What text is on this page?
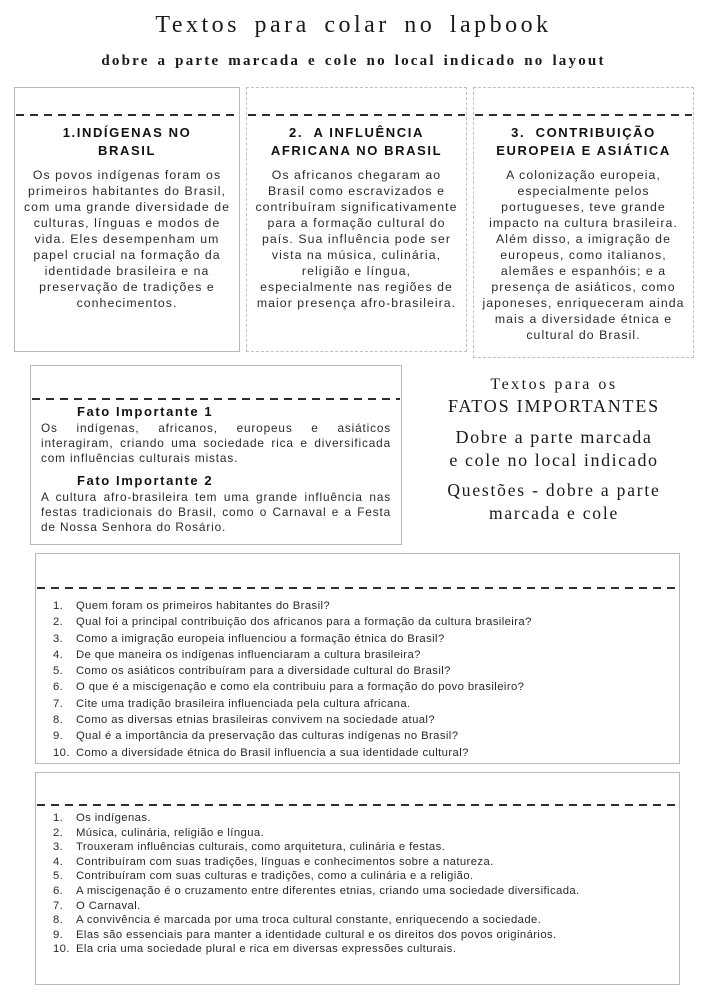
Textos para colar no lapbook
dobre a parte marcada e cole no local indicado no layout
1.INDÍGENAS NO BRASIL
Os povos indígenas foram os primeiros habitantes do Brasil, com uma grande diversidade de culturas, línguas e modos de vida. Eles desempenham um papel crucial na formação da identidade brasileira e na preservação de tradições e conhecimentos.
2.  A INFLUÊNCIA AFRICANA NO BRASIL
Os africanos chegaram ao Brasil como escravizados e contribuíram significativamente para a formação cultural do país. Sua influência pode ser vista na música, culinária, religião e língua, especialmente nas regiões de maior presença afro-brasileira.
3.  CONTRIBUIÇÃO EUROPEIA E ASIÁTICA
A colonização europeia, especialmente pelos portugueses, teve grande impacto na cultura brasileira. Além disso, a imigração de europeus, como italianos, alemães e espanhóis; e a presença de asiáticos, como japoneses, enriqueceram ainda mais a diversidade étnica e cultural do Brasil.
Fato Importante 1
Os indígenas, africanos, europeus e asiáticos interagiram, criando uma sociedade rica e diversificada com influências culturais mistas.
Fato Importante 2
A cultura afro-brasileira tem uma grande influência nas festas tradicionais do Brasil, como o Carnaval e a Festa de Nossa Senhora do Rosário.
Textos para os
FATOS IMPORTANTES
Dobre a parte marcada
e cole no local indicado
Questões - dobre a parte
marcada e cole
1.	Quem foram os primeiros habitantes do Brasil?
2.	Qual foi a principal contribuição dos africanos para a formação da cultura brasileira?
3.	Como a imigração europeia influenciou a formação étnica do Brasil?
4.	De que maneira os indígenas influenciaram a cultura brasileira?
5.	Como os asiáticos contribuíram para a diversidade cultural do Brasil?
6.	O que é a miscigenação e como ela contribuiu para a formação do povo brasileiro?
7.	Cite uma tradição brasileira influenciada pela cultura africana.
8.	Como as diversas etnias brasileiras convivem na sociedade atual?
9.	Qual é a importância da preservação das culturas indígenas no Brasil?
10. Como a diversidade étnica do Brasil influencia a sua identidade cultural?
1.	Os indígenas.
2.	Música, culinária, religião e língua.
3.	Trouxeram influências culturais, como arquitetura, culinária e festas.
4.	Contribuíram com suas tradições, línguas e conhecimentos sobre a natureza.
5.	Contribuíram com suas culturas e tradições, como a culinária e a religião.
6.	A miscigenação é o cruzamento entre diferentes etnias, criando uma sociedade diversificada.
7.	O Carnaval.
8.	A convivência é marcada por uma troca cultural constante, enriquecendo a sociedade.
9.	Elas são essenciais para manter a identidade cultural e os direitos dos povos originários.
10. Ela cria uma sociedade plural e rica em diversas expressões culturais.
